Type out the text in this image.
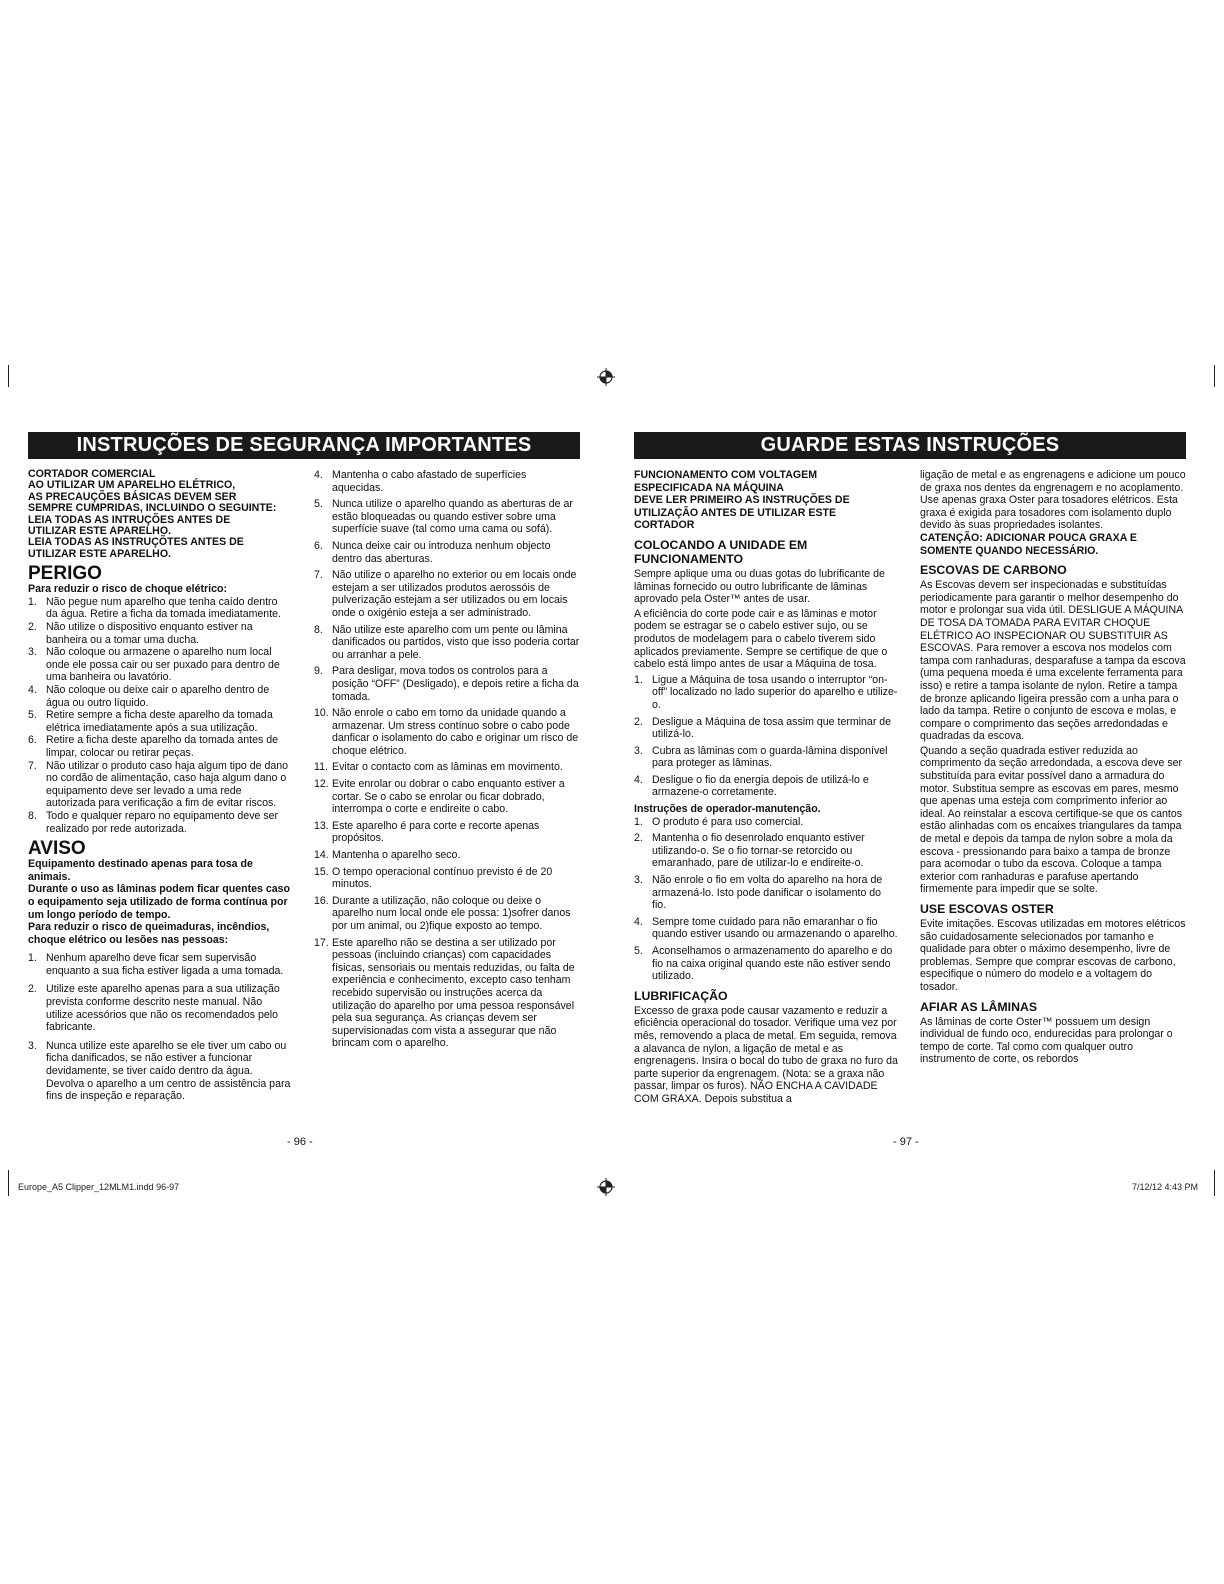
INSTRUÇÕES DE SEGURANÇA IMPORTANTES
CORTADOR COMERCIAL
AO UTILIZAR UM APARELHO ELÉTRICO,
AS PRECAUÇÕES BÁSICAS DEVEM SER
SEMPRE CUMPRIDAS, INCLUINDO O SEGUINTE:
LEIA TODAS AS INTRUÇÕES ANTES DE
UTILIZAR ESTE APARELHO.
LEIA TODAS AS INSTRUÇÕTES ANTES DE
UTILIZAR ESTE APARELHO.
PERIGO
Para reduzir o risco de choque elétrico:
1. Não pegue num aparelho que tenha caído dentro da água. Retire a ficha da tomada imediatamente.
2. Não utilize o dispositivo enquanto estiver na banheira ou a tomar uma ducha.
3. Não coloque ou armazene o aparelho num local onde ele possa cair ou ser puxado para dentro de uma banheira ou lavatório.
4. Não coloque ou deixe cair o aparelho dentro de água ou outro líquido.
5. Retire sempre a ficha deste aparelho da tomada elétrica imediatamente após a sua utilização.
6. Retire a ficha deste aparelho da tomada antes de limpar, colocar ou retirar peças.
7. Não utilizar o produto caso haja algum tipo de dano no cordão de alimentação, caso haja algum dano o equipamento deve ser levado a uma rede autorizada para verificação a fim de evitar riscos.
8. Todo e qualquer reparo no equipamento deve ser realizado por rede autorizada.
AVISO
Equipamento destinado apenas para tosa de animais.
Durante o uso as lâminas podem ficar quentes caso o equipamento seja utilizado de forma contínua por um longo período de tempo.
Para reduzir o risco de queimaduras, incêndios, choque elétrico ou lesões nas pessoas:
1. Nenhum aparelho deve ficar sem supervisão enquanto a sua ficha estiver ligada a uma tomada.
2. Utilize este aparelho apenas para a sua utilização prevista conforme descrito neste manual. Não utilize acessórios que não os recomendados pelo fabricante.
3. Nunca utilize este aparelho se ele tiver um cabo ou ficha danificados, se não estiver a funcionar devidamente, se tiver caído dentro da água. Devolva o aparelho a um centro de assistência para fins de inspeção e reparação.
4. Mantenha o cabo afastado de superfícies aquecidas.
5. Nunca utilize o aparelho quando as aberturas de ar estão bloqueadas ou quando estiver sobre uma superfície suave (tal como uma cama ou sofá).
6. Nunca deixe cair ou introduza nenhum objecto dentro das aberturas.
7. Não utilize o aparelho no exterior ou em locais onde estejam a ser utilizados produtos aerossóis de pulverização estejam a ser utilizados ou em locais onde o oxigénio esteja a ser administrado.
8. Não utilize este aparelho com um pente ou lâmina danificados ou partidos, visto que isso poderia cortar ou arranhar a pele.
9. Para desligar, mova todos os controlos para a posição “OFF” (Desligado), e depois retire a ficha da tomada.
10. Não enrole o cabo em torno da unidade quando a armazenar. Um stress contínuo sobre o cabo pode danficar o isolamento do cabo e originar um risco de choque elétrico.
11. Evitar o contacto com as lâminas em movimento.
12. Evite enrolar ou dobrar o cabo enquanto estiver a cortar. Se o cabo se enrolar ou ficar dobrado, interrompa o corte e endireite o cabo.
13. Este aparelho é para corte e recorte apenas propósitos.
14. Mantenha o aparelho seco.
15. O tempo operacional contínuo previsto é de 20 minutos.
16. Durante a utilização, não coloque ou deixe o aparelho num local onde ele possa: 1)sofrer danos por um animal, ou 2)fique exposto ao tempo.
17. Este aparelho não se destina a ser utilizado por pessoas (incluindo crianças) com capacidades físicas, sensoriais ou mentais reduzidas, ou falta de experiência e conhecimento, excepto caso tenham recebido supervisão ou instruções acerca da utilização do aparelho por uma pessoa responsável pela sua segurança. As crianças devem ser supervisionadas com vista a assegurar que não brincam com o aparelho.
- 96 -
GUARDE ESTAS INSTRUÇÕES
FUNCIONAMENTO COM VOLTAGEM ESPECIFICADA NA MÁQUINA
DEVE LER PRIMEIRO AS INSTRUÇÕES DE UTILIZAÇÃO ANTES DE UTILIZAR ESTE CORTADOR
COLOCANDO A UNIDADE EM FUNCIONAMENTO

Sempre aplique uma ou duas gotas do lubrificante de lâminas fornecido ou outro lubrificante de lâminas aprovado pela Oster™ antes de usar.

A eficiência do corte pode cair e as lâminas e motor podem se estragar se o cabelo estiver sujo, ou se produtos de modelagem para o cabelo tiverem sido aplicados previamente. Sempre se certifique de que o cabelo está limpo antes de usar a Máquina de tosa.

1. Ligue a Máquina de tosa usando o interruptor “on-off” localizado no lado superior do aparelho e utilize-o.
2. Desligue a Máquina de tosa assim que terminar de utilizá-lo.
3. Cubra as lâminas com o guarda-lâmina disponível para proteger as lâminas.
4. Desligue o fio da energia depois de utilizá-lo e armazene-o corretamente.
Instruções de operador-manutenção.
1. O produto é para uso comercial.
2. Mantenha o fio desenrolado enquanto estiver utilizando-o. Se o fio tornar-se retorcido ou emaranhado, pare de utilizar-lo e endireite-o.
3. Não enrole o fio em volta do aparelho na hora de armazená-lo. Isto pode danificar o isolamento do fio.
4. Sempre tome cuidado para não emaranhar o fio quando estiver usando ou armazenando o aparelho.
5. Aconselhamos o armazenamento do aparelho e do fio na caixa original quando este não estiver sendo utilizado.
LUBRIFICAÇÃO

Excesso de graxa pode causar vazamento e reduzir a eficiência operacional do tosador. Verifique uma vez por mês, removendo a placa de metal. Em seguida, remova a alavanca de nylon, a ligação de metal e as engrenagens. Insira o bocal do tubo de graxa no furo da parte superior da engrenagem. (Nota: se a graxa não passar, limpar os furos). NÃO ENCHA A CAVIDADE COM GRAXA. Depois substitua a

ligação de metal e as engrenagens e adicione um pouco de graxa nos dentes da engrenagem e no acoplamento. Use apenas graxa Oster para tosadores elétricos. Esta graxa é exigida para tosadores com isolamento duplo devido às suas propriedades isolantes.

CATENÇÃO: ADICIONAR POUCA GRAXA E SOMENTE QUANDO NECESSÁRIO.
ESCOVAS DE CARBONO

As Escovas devem ser inspecionadas e substituídas periodicamente para garantir o melhor desempenho do motor e prolongar sua vida útil. DESLIGUE A MÁQUINA DE TOSA DA TOMADA PARA EVITAR CHOQUE ELÉTRICO AO INSPECIONAR OU SUBSTITUIR AS ESCOVAS. Para remover a escova nos modelos com tampa com ranhaduras, desparafuse a tampa da escova (uma pequena moeda é uma excelente ferramenta para isso) e retire a tampa isolante de nylon. Retire a tampa de bronze aplicando ligeira pressão com a unha para o lado da tampa. Retire o conjunto de escova e molas, e compare o comprimento das seções arredondadas e quadradas da escova.

Quando a seção quadrada estiver reduzida ao comprimento da seção arredondada, a escova deve ser substituída para evitar possível dano a armadura do motor. Substitua sempre as escovas em pares, mesmo que apenas uma esteja com comprimento inferior ao ideal. Ao reinstalar a escova certifique-se que os cantos estão alinhadas com os encaixes triangulares da tampa de metal e depois da tampa de nylon sobre a mola da escova - pressionando para baixo a tampa de bronze para acomodar o tubo da escova. Coloque a tampa exterior com ranhaduras e parafuse apertando firmemente para impedir que se solte.

USE ESCOVAS OSTER

Evite imitações. Escovas utilizadas em motores elétricos são cuidadosamente selecionados por tamanho e qualidade para obter o máximo desempenho, livre de problemas. Sempre que comprar escovas de carbono, especifique o número do modelo e a voltagem do tosador.

AFIAR AS LÂMINAS

As lâminas de corte Oster™ possuem um design individual de fundo oco, endurecidas para prolongar o tempo de corte. Tal como com qualquer outro instrumento de corte, os rebordos

- 97 -
Europe_A5 Clipper_12MLM1.indd 96-97	7/12/12 4:43 PM
